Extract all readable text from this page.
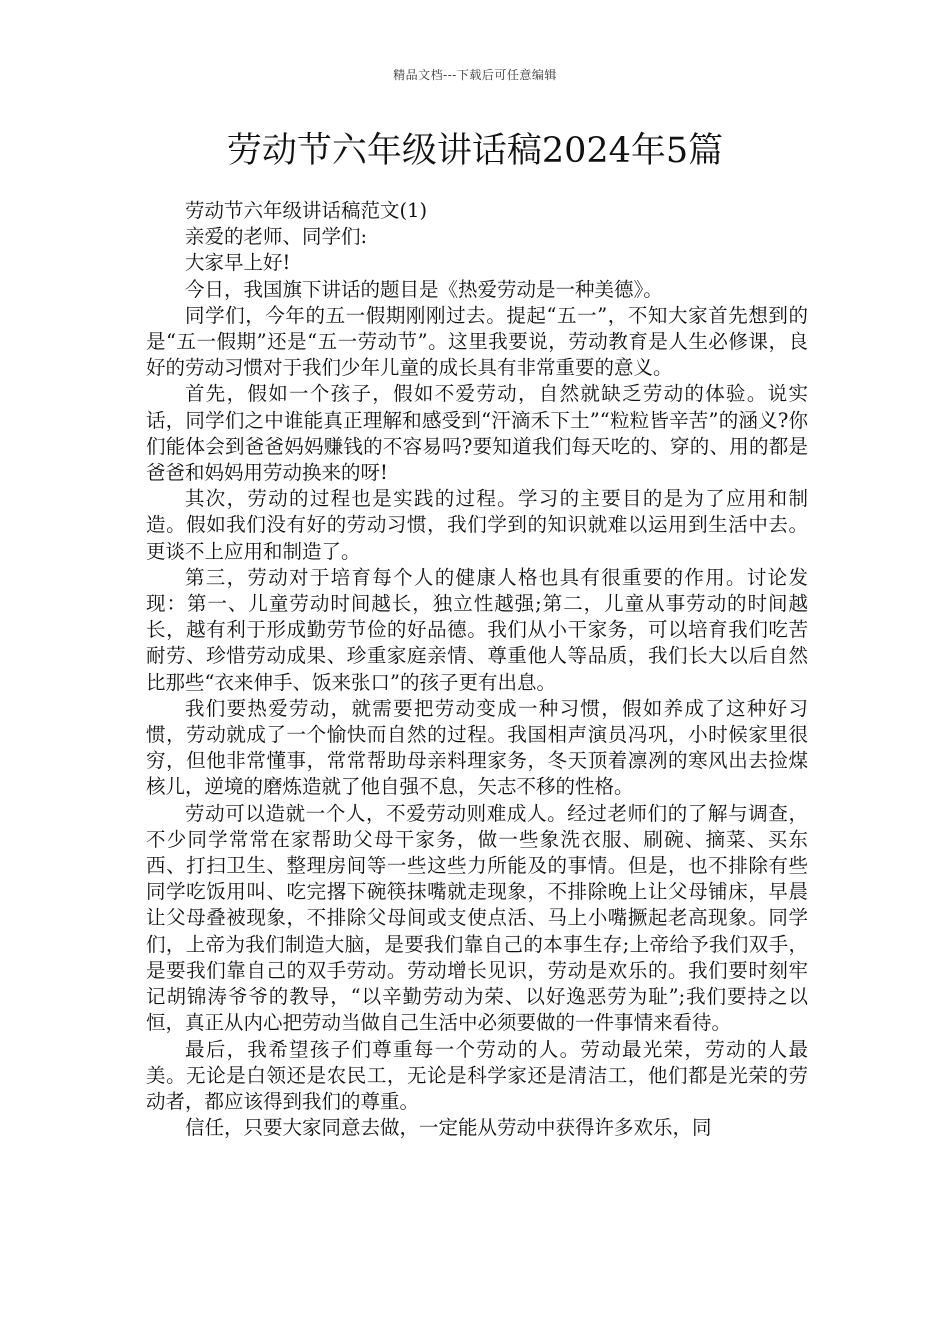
精品文档---下载后可任意编辑
劳动节六年级讲话稿2024年5篇

劳动节六年级讲话稿范文(1)

亲爱的老师、同学们:

大家早上好!

今日，我国旗下讲话的题目是《热爱劳动是一种美德》。

同学们，今年的五一假期刚刚过去。提起“五一”，不知大家首先想到的是“五一假期”还是“五一劳动节”。这里我要说，劳动教育是人生必修课，良好的劳动习惯对于我们少年儿童的成长具有非常重要的意义。

首先，假如一个孩子，假如不爱劳动，自然就缺乏劳动的体验。说实话，同学们之中谁能真正理解和感受到“汗滴禾下土”“粒粒皆辛苦”的涵义?你们能体会到爸爸妈妈赚钱的不容易吗?要知道我们每天吃的、穿的、用的都是爸爸和妈妈用劳动换来的呀!

其次，劳动的过程也是实践的过程。学习的主要目的是为了应用和制造。假如我们没有好的劳动习惯，我们学到的知识就难以运用到生活中去。更谈不上应用和制造了。

第三，劳动对于培育每个人的健康人格也具有很重要的作用。讨论发现：第一、儿童劳动时间越长，独立性越强;第二，儿童从事劳动的时间越长，越有利于形成勤劳节俭的好品德。我们从小干家务，可以培育我们吃苦耐劳、珍惜劳动成果、珍重家庭亲情、尊重他人等品质，我们长大以后自然比那些“衣来伸手、饭来张口”的孩子更有出息。

我们要热爱劳动，就需要把劳动变成一种习惯，假如养成了这种好习惯，劳动就成了一个愉快而自然的过程。我国相声演员冯巩，小时候家里很穷，但他非常懂事，常常帮助母亲料理家务，冬天顶着凛冽的寒风出去捡煤核儿，逆境的磨炼造就了他自强不息，矢志不移的性格。

劳动可以造就一个人，不爱劳动则难成人。经过老师们的了解与调查，不少同学常常在家帮助父母干家务，做一些象洗衣服、刷碗、摘菜、买东西、打扫卫生、整理房间等一些这些力所能及的事情。但是，也不排除有些同学吃饭用叫、吃完撂下碗筷抹嘴就走现象，不排除晚上让父母铺床，早晨让父母叠被现象，不排除父母间或支使点活、马上小嘴撅起老高现象。同学们，上帝为我们制造大脑，是要我们靠自己的本事生存;上帝给予我们双手，是要我们靠自己的双手劳动。劳动增长见识，劳动是欢乐的。我们要时刻牢记胡锦涛爷爷的教导，“以辛勤劳动为荣、以好逸恶劳为耻”;我们要持之以恒，真正从内心把劳动当做自己生活中必须要做的一件事情来看待。

最后，我希望孩子们尊重每一个劳动的人。劳动最光荣，劳动的人最美。无论是白领还是农民工，无论是科学家还是清洁工，他们都是光荣的劳动者，都应该得到我们的尊重。

信任，只要大家同意去做，一定能从劳动中获得许多欢乐，同
